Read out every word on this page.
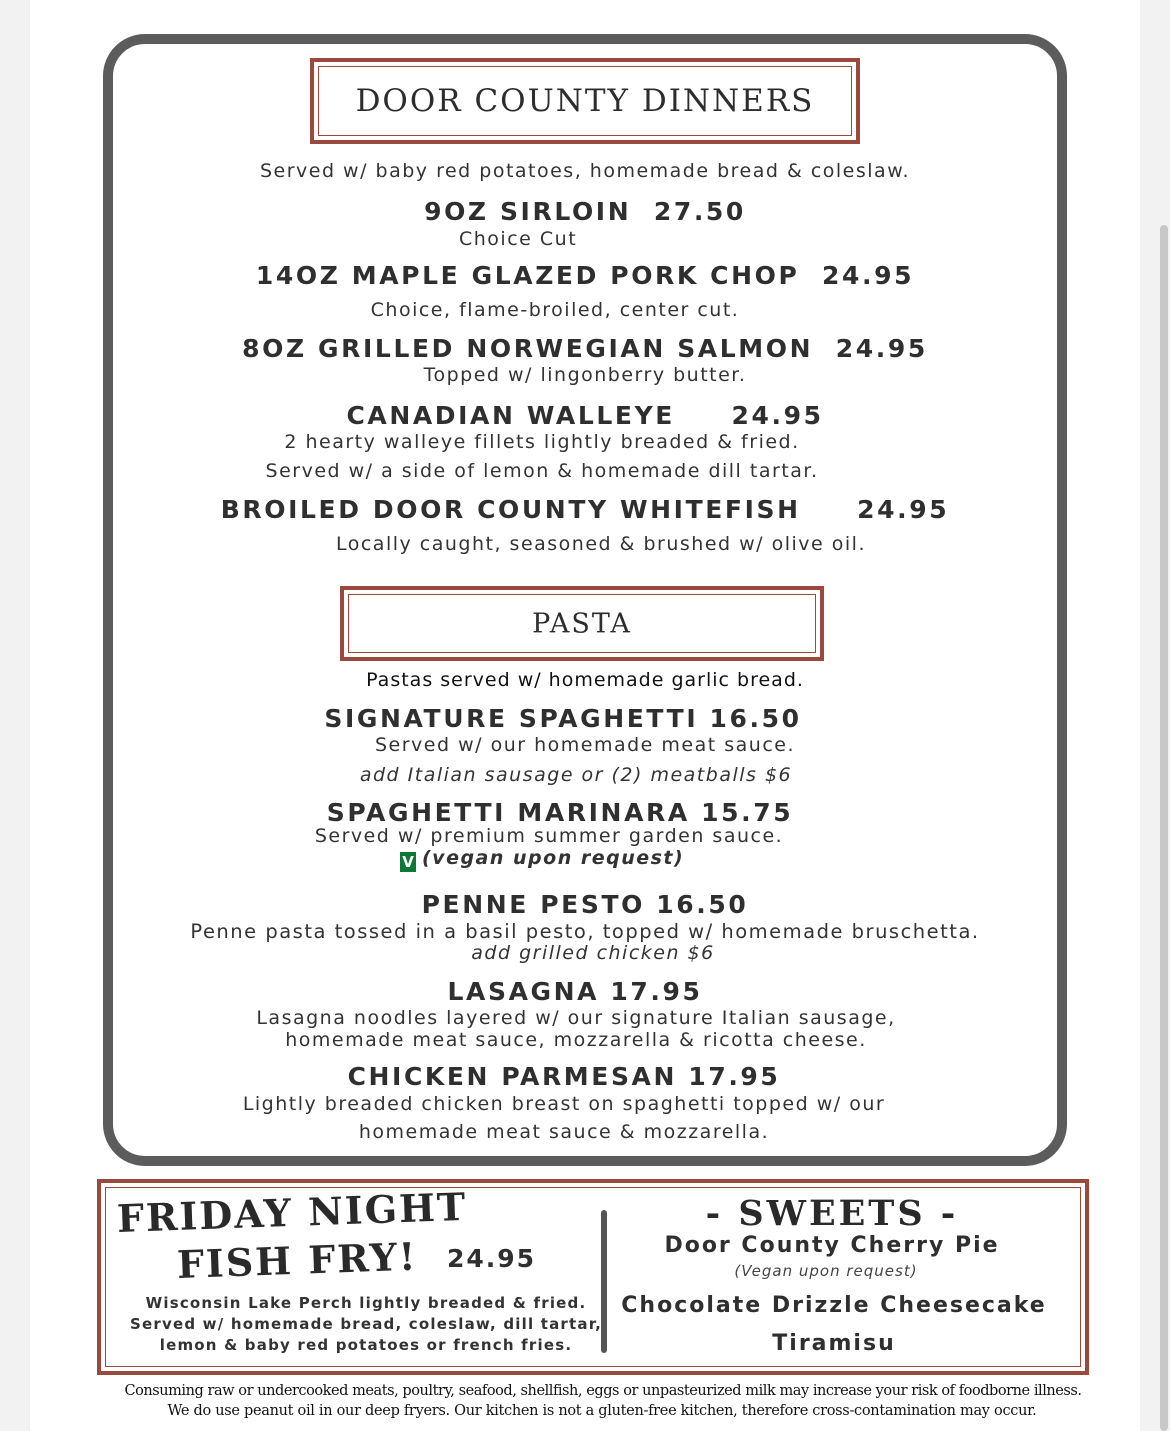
DOOR COUNTY DINNERS
Served w/ baby red potatoes, homemade bread & coleslaw.
9OZ SIRLOIN 27.50
Choice Cut
14OZ MAPLE GLAZED PORK CHOP 24.95
Choice, flame-broiled, center cut.
8OZ GRILLED NORWEGIAN SALMON 24.95
Topped w/ lingonberry butter.
CANADIAN WALLEYE 24.95
2 hearty walleye fillets lightly breaded & fried.
Served w/ a side of lemon & homemade dill tartar.
BROILED DOOR COUNTY WHITEFISH 24.95
Locally caught, seasoned & brushed w/ olive oil.
PASTA
Pastas served w/ homemade garlic bread.
SIGNATURE SPAGHETTI 16.50
Served w/ our homemade meat sauce.
add Italian sausage or (2) meatballs $6
SPAGHETTI MARINARA 15.75
Served w/ premium summer garden sauce.
V (vegan upon request)
PENNE PESTO 16.50
Penne pasta tossed in a basil pesto, topped w/ homemade bruschetta.
add grilled chicken $6
LASAGNA 17.95
Lasagna noodles layered w/ our signature Italian sausage,
homemade meat sauce, mozzarella & ricotta cheese.
CHICKEN PARMESAN 17.95
Lightly breaded chicken breast on spaghetti topped w/ our
homemade meat sauce & mozzarella.
FRIDAY NIGHT
FISH FRY! 24.95
Wisconsin Lake Perch lightly breaded & fried.
Served w/ homemade bread, coleslaw, dill tartar,
lemon & baby red potatoes or french fries.
- SWEETS -
Door County Cherry Pie
(Vegan upon request)
Chocolate Drizzle Cheesecake
Tiramisu
Consuming raw or undercooked meats, poultry, seafood, shellfish, eggs or unpasteurized milk may increase your risk of foodborne illness.
We do use peanut oil in our deep fryers. Our kitchen is not a gluten-free kitchen, therefore cross-contamination may occur.
